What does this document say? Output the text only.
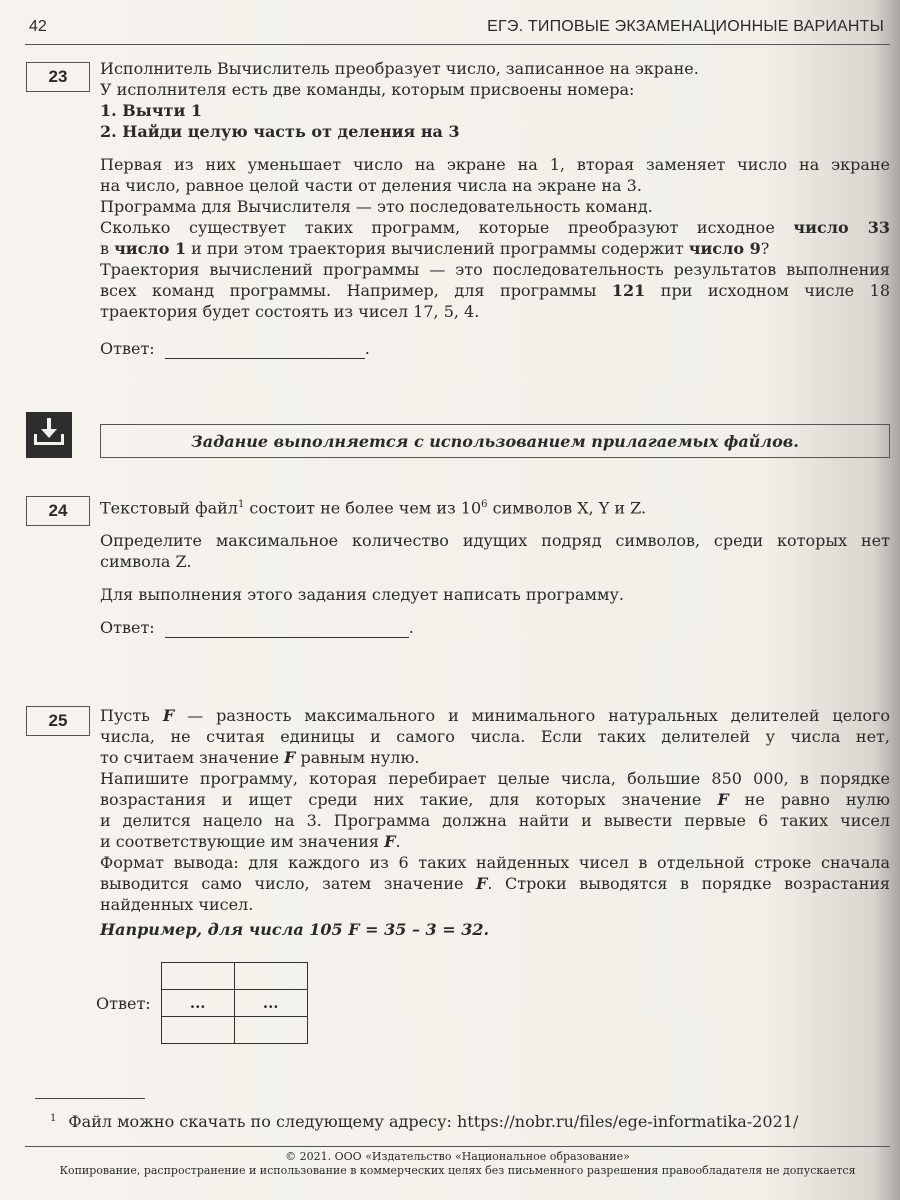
42	ЕГЭ. ТИПОВЫЕ ЭКЗАМЕНАЦИОННЫЕ ВАРИАНТЫ
23	Исполнитель Вычислитель преобразует число, записанное на экране.

У исполнителя есть две команды, которым присвоены номера:

1. Вычти 1

2. Найди целую часть от деления на 3

Первая из них уменьшает число на экране на 1, вторая заменяет число на экране

на число, равное целой части от деления числа на экране на 3.

Программа для Вычислителя — это последовательность команд.

Сколько существует таких программ, которые преобразуют исходное число 33

в число 1 и при этом траектория вычислений программы содержит число 9?

Траектория вычислений программы — это последовательность результатов выполнения

всех команд программы. Например, для программы 121 при исходном числе 18

траектория будет состоять из чисел 17, 5, 4.

Ответ:	.

Задание выполняется с использованием прилагаемых файлов.
24	Текстовый файл$^1$ состоит не более чем из $10^6$ символов X, Y и Z.

Определите максимальное количество идущих подряд символов, среди которых нет

символа Z.

Для выполнения этого задания следует написать программу.

Ответ:	.

25	Пусть F — разность максимального и минимального натуральных делителей целого

числа, не считая единицы и самого числа. Если таких делителей у числа нет,

то считаем значение F равным нулю.

Напишите программу, которая перебирает целые числа, большие 850 000, в порядке

возрастания и ищет среди них такие, для которых значение F не равно нулю

и делится нацело на 3. Программа должна найти и вывести первые 6 таких чисел

и соответствующие им значения F.

Формат вывода: для каждого из 6 таких найденных чисел в отдельной строке сначала

выводится само число, затем значение F. Строки выводятся в порядке возрастания

найденных чисел.

Например, для числа 105 F = 35 – 3 = 32.

Ответ:
		...	...

$^1$ Файл можно скачать по следующему адресу: https://nobr.ru/files/ege-informatika-2021/
© 2021. ООО «Издательство «Национальное образование»
Копирование, распространение и использование в коммерческих целях без письменного разрешения правообладателя не допускается
